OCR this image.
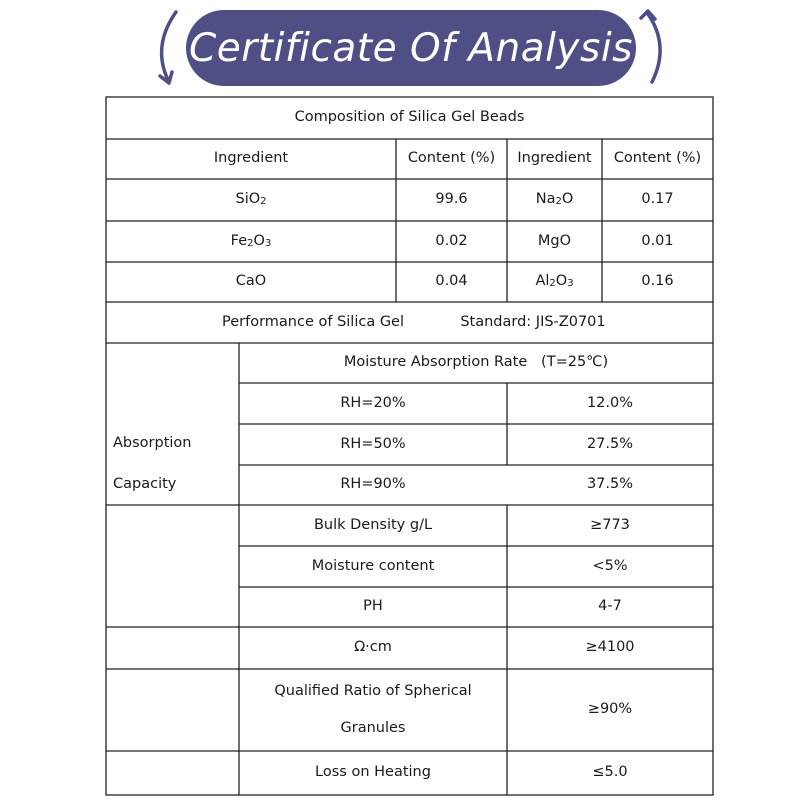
Certificate Of Analysis
Composition of Silica Gel Beads
Ingredient	Content (%)	Ingredient	Content (%)
SiO 2	99.6	Na 2 O	0.17
Fe 2 O 3	0.02	MgO	0.01
CaO	0.04	Al 2 O 3	0.16
Performance of Silica Gel	Standard: JIS-Z0701
Absorption
Capacity
Moisture Absorption Rate   (T=25℃)
RH=20%	12.0%
RH=50%	27.5%
RH=90%	37.5%
Bulk Density g/L	≥773
Moisture content	<5%
PH	4-7
Ω·cm	≥4100
Qualified Ratio of Spherical
Granules
≥90%
Loss on Heating	≤5.0
